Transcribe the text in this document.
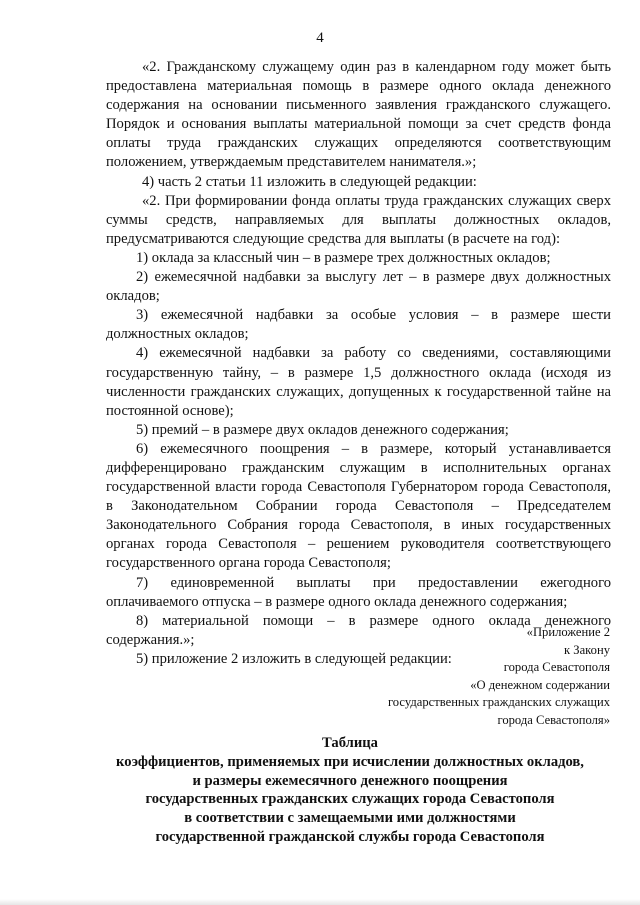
4

«2. Гражданскому служащему один раз в календарном году может быть предоставлена материальная помощь в размере одного оклада денежного содержания на основании письменного заявления гражданского служащего. Порядок и основания выплаты материальной помощи за счет средств фонда оплаты труда гражданских служащих определяются соответствующим положением, утверждаемым представителем нанимателя.»;

4) часть 2 статьи 11 изложить в следующей редакции:

«2. При формировании фонда оплаты труда гражданских служащих сверх суммы средств, направляемых для выплаты должностных окладов, предусматриваются следующие средства для выплаты (в расчете на год):

1) оклада за классный чин – в размере трех должностных окладов;

2) ежемесячной надбавки за выслугу лет – в размере двух должностных окладов;

3) ежемесячной надбавки за особые условия – в размере шести должностных окладов;

4) ежемесячной надбавки за работу со сведениями, составляющими государственную тайну, – в размере 1,5 должностного оклада (исходя из численности гражданских служащих, допущенных к государственной тайне на постоянной основе);

5) премий – в размере двух окладов денежного содержания;

6) ежемесячного поощрения – в размере, который устанавливается дифференцировано гражданским служащим в исполнительных органах государственной власти города Севастополя Губернатором города Севастополя, в Законодательном Собрании города Севастополя – Председателем Законодательного Собрания города Севастополя, в иных государственных органах города Севастополя – решением руководителя соответствующего государственного органа города Севастополя;

7) единовременной выплаты при предоставлении ежегодного оплачиваемого отпуска – в размере одного оклада денежного содержания;

8) материальной помощи – в размере одного оклада денежного содержания.»;

5) приложение 2 изложить в следующей редакции:

«Приложение 2
к Закону
города Севастополя
«О денежном содержании
государственных гражданских служащих
города Севастополя»
Таблица
коэффициентов, применяемых при исчислении должностных окладов,
и размеры ежемесячного денежного поощрения
государственных гражданских служащих города Севастополя
в соответствии с замещаемыми ими должностями
государственной гражданской службы города Севастополя
